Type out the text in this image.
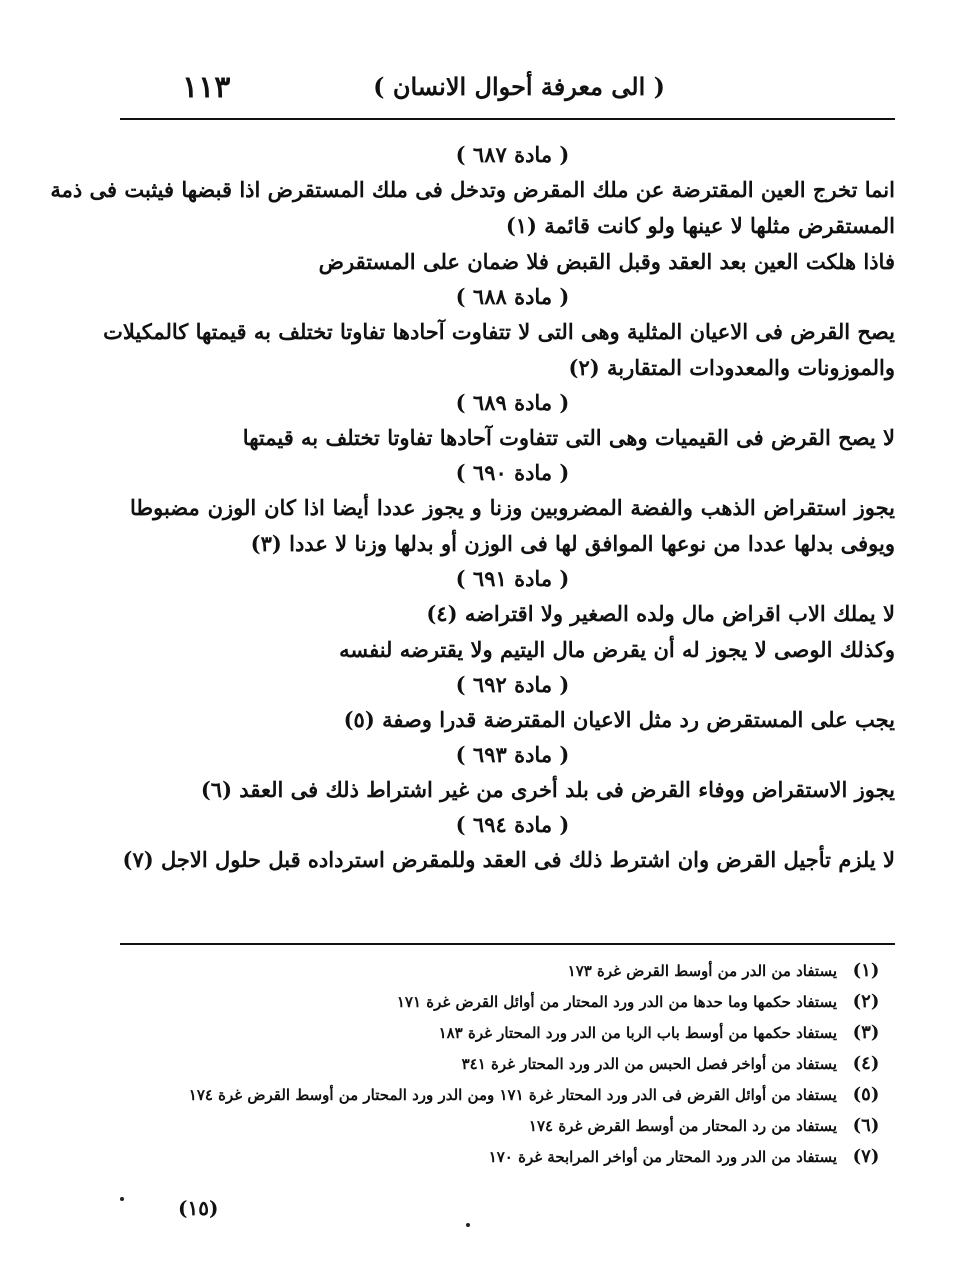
( الى معرفة أحوال الانسان )
١١٣
( مادة ٦٨٧ )
انما تخرج العين المقترضة عن ملك المقرض وتدخل فى ملك المستقرض اذا قبضها فيثبت فى ذمة
المستقرض مثلها لا عينها ولو كانت قائمة (١)
فاذا هلكت العين بعد العقد وقبل القبض فلا ضمان على المستقرض
( مادة ٦٨٨ )
يصح القرض فى الاعيان المثلية وهى التى لا تتفاوت آحادها تفاوتا تختلف به قيمتها كالمكيلات
والموزونات والمعدودات المتقاربة (٢)
( مادة ٦٨٩ )
لا يصح القرض فى القيميات وهى التى تتفاوت آحادها تفاوتا تختلف به قيمتها
( مادة ٦٩٠ )
يجوز استقراض الذهب والفضة المضروبين وزنا و يجوز عددا أيضا اذا كان الوزن مضبوطا
ويوفى بدلها عددا من نوعها الموافق لها فى الوزن أو بدلها وزنا لا عددا (٣)
( مادة ٦٩١ )
لا يملك الاب اقراض مال ولده الصغير ولا اقتراضه (٤)
وكذلك الوصى لا يجوز له أن يقرض مال اليتيم ولا يقترضه لنفسه
( مادة ٦٩٢ )
يجب على المستقرض رد مثل الاعيان المقترضة قدرا وصفة (٥)
( مادة ٦٩٣ )
يجوز الاستقراض ووفاء القرض فى بلد أخرى من غير اشتراط ذلك فى العقد (٦)
( مادة ٦٩٤ )
لا يلزم تأجيل القرض وان اشترط ذلك فى العقد وللمقرض استرداده قبل حلول الاجل (٧)
(١)
يستفاد من الدر من أوسط القرض غرة ١٧٣
(٢)
يستفاد حكمها وما حدها من الدر ورد المحتار من أوائل القرض غرة ١٧١
(٣)
يستفاد حكمها من أوسط باب الربا من الدر ورد المحتار غرة ١٨٣
(٤)
يستفاد من أواخر فصل الحبس من الدر ورد المحتار غرة ٣٤١
(٥)
يستفاد من أوائل القرض فى الدر ورد المحتار غرة ١٧١ ومن الدر ورد المحتار من أوسط القرض غرة ١٧٤
(٦)
يستفاد من رد المحتار من أوسط القرض غرة ١٧٤
(٧)
يستفاد من الدر ورد المحتار من أواخر المرابحة غرة ١٧٠
(١٥)
